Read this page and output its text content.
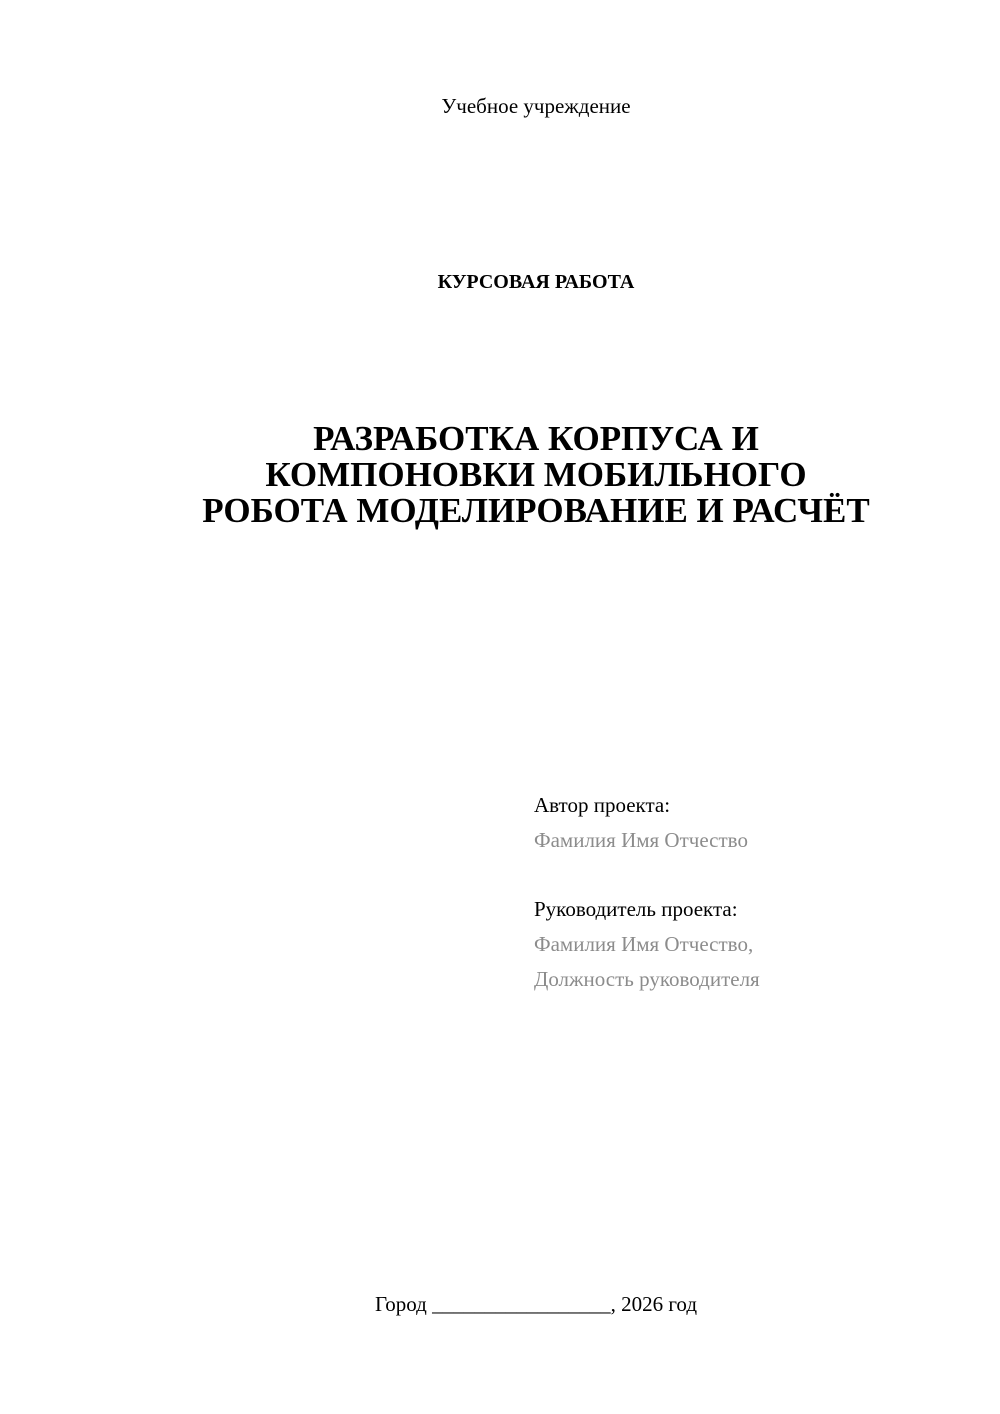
Учебное учреждение
КУРСОВАЯ РАБОТА
РАЗРАБОТКА КОРПУСА И
КОМПОНОВКИ МОБИЛЬНОГО
РОБОТА МОДЕЛИРОВАНИЕ И РАСЧЁТ
Автор проекта:
Фамилия Имя Отчество
Руководитель проекта:
Фамилия Имя Отчество,
Должность руководителя
Город _________________, 2026 год
